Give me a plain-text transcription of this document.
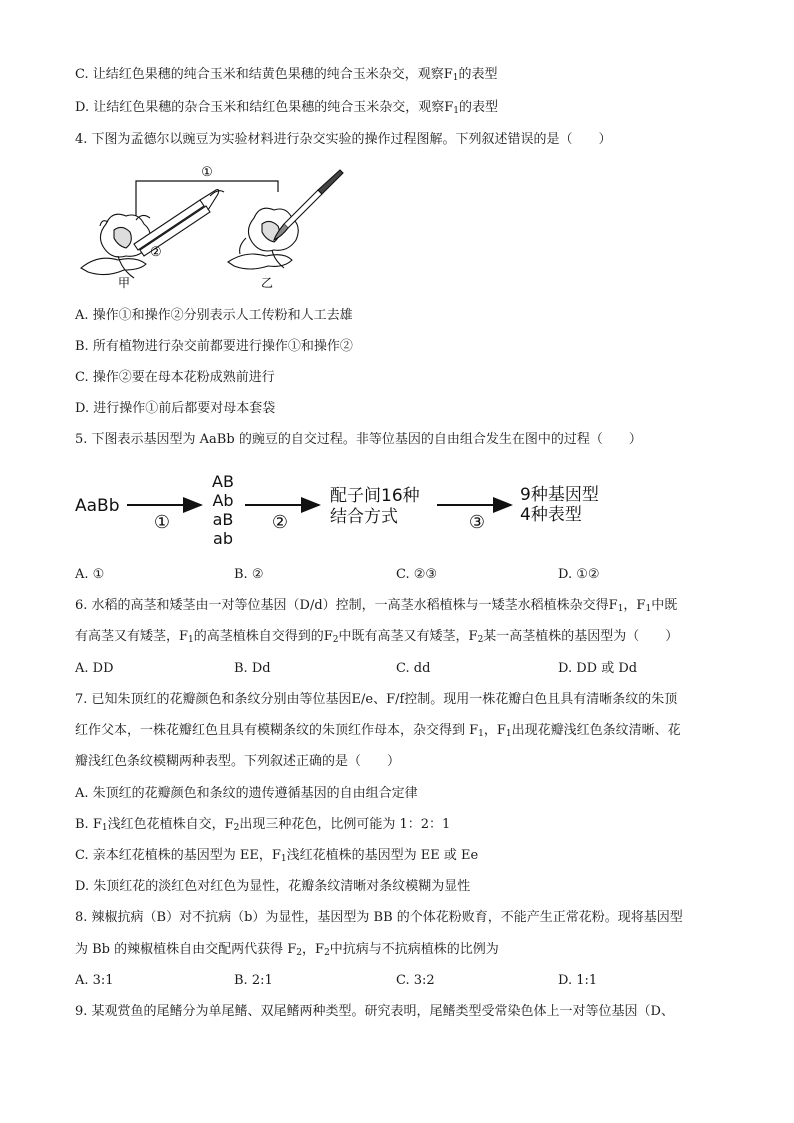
C. 让结红色果穗的纯合玉米和结黄色果穗的纯合玉米杂交，观察$F_1$的表型
D. 让结红色果穗的杂合玉米和结红色果穗的纯合玉米杂交，观察$F_1$的表型
4. 下图为孟德尔以豌豆为实验材料进行杂交实验的操作过程图解。下列叙述错误的是（　　）
①
②
甲	乙
A. 操作①和操作②分别表示人工传粉和人工去雄
B. 所有植物进行杂交前都要进行操作①和操作②
C. 操作②要在母本花粉成熟前进行
D. 进行操作①前后都要对母本套袋
5. 下图表示基因型为 AaBb 的豌豆的自交过程。非等位基因的自由组合发生在图中的过程（　　）
AaBb
①
AB
Ab
aB
ab
②
配子间16种
结合方式	③
9种基因型
4种表型
A. ①	B. ②	C. ②③	D. ①②
6. 水稻的高茎和矮茎由一对等位基因（D/d）控制，一高茎水稻植株与一矮茎水稻植株杂交得$F_1$，$F_1$中既
有高茎又有矮茎，$F_1$的高茎植株自交得到的$F_2$中既有高茎又有矮茎，$F_2$某一高茎植株的基因型为（　　）
A. DD	B. Dd	C. dd	D. DD 或 Dd
7. 已知朱顶红的花瓣颜色和条纹分别由等位基因E/e、F/f控制。现用一株花瓣白色且具有清晰条纹的朱顶
红作父本，一株花瓣红色且具有模糊条纹的朱顶红作母本，杂交得到 $F_1$，$F_1$出现花瓣浅红色条纹清晰、花
瓣浅红色条纹模糊两种表型。下列叙述正确的是（　　）
A. 朱顶红的花瓣颜色和条纹的遗传遵循基因的自由组合定律
B. $F_1$浅红色花植株自交，$F_2$出现三种花色，比例可能为 1：2：1
C. 亲本红花植株的基因型为 EE，$F_1$浅红花植株的基因型为 EE 或 Ee
D. 朱顶红花的淡红色对红色为显性，花瓣条纹清晰对条纹模糊为显性
8. 辣椒抗病（B）对不抗病（b）为显性，基因型为 BB 的个体花粉败育，不能产生正常花粉。现将基因型
为 Bb 的辣椒植株自由交配两代获得 $F_2$，$F_2$中抗病与不抗病植株的比例为
A. 3:1	B. 2:1	C. 3:2	D. 1:1
9. 某观赏鱼的尾鳍分为单尾鳍、双尾鳍两种类型。研究表明，尾鳍类型受常染色体上一对等位基因（D、
